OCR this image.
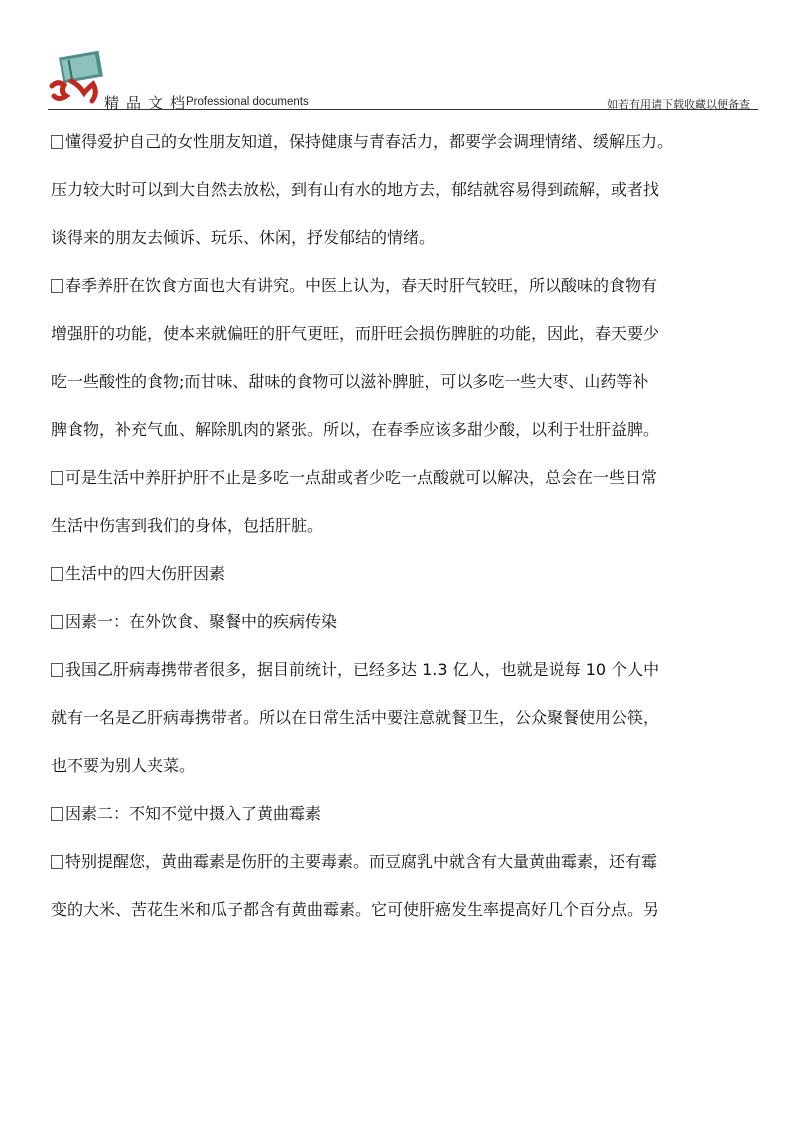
精品文档
Professional documents	如若有用请下载收藏以便备查
懂得爱护自己的女性朋友知道，保持健康与青春活力，都要学会调理情绪、缓解压力。
压力较大时可以到大自然去放松，到有山有水的地方去，郁结就容易得到疏解，或者找
谈得来的朋友去倾诉、玩乐、休闲，抒发郁结的情绪。
春季养肝在饮食方面也大有讲究。中医上认为，春天时肝气较旺，所以酸味的食物有
增强肝的功能，使本来就偏旺的肝气更旺，而肝旺会损伤脾脏的功能，因此，春天要少
吃一些酸性的食物;而甘味、甜味的食物可以滋补脾脏，可以多吃一些大枣、山药等补
脾食物，补充气血、解除肌肉的紧张。所以，在春季应该多甜少酸，以利于壮肝益脾。
可是生活中养肝护肝不止是多吃一点甜或者少吃一点酸就可以解决，总会在一些日常
生活中伤害到我们的身体，包括肝脏。
生活中的四大伤肝因素
因素一：在外饮食、聚餐中的疾病传染
我国乙肝病毒携带者很多，据目前统计，已经多达 1.3 亿人，也就是说每 10 个人中
就有一名是乙肝病毒携带者。所以在日常生活中要注意就餐卫生，公众聚餐使用公筷，
也不要为别人夹菜。
因素二：不知不觉中摄入了黄曲霉素
特别提醒您，黄曲霉素是伤肝的主要毒素。而豆腐乳中就含有大量黄曲霉素，还有霉
变的大米、苦花生米和瓜子都含有黄曲霉素。它可使肝癌发生率提高好几个百分点。另
